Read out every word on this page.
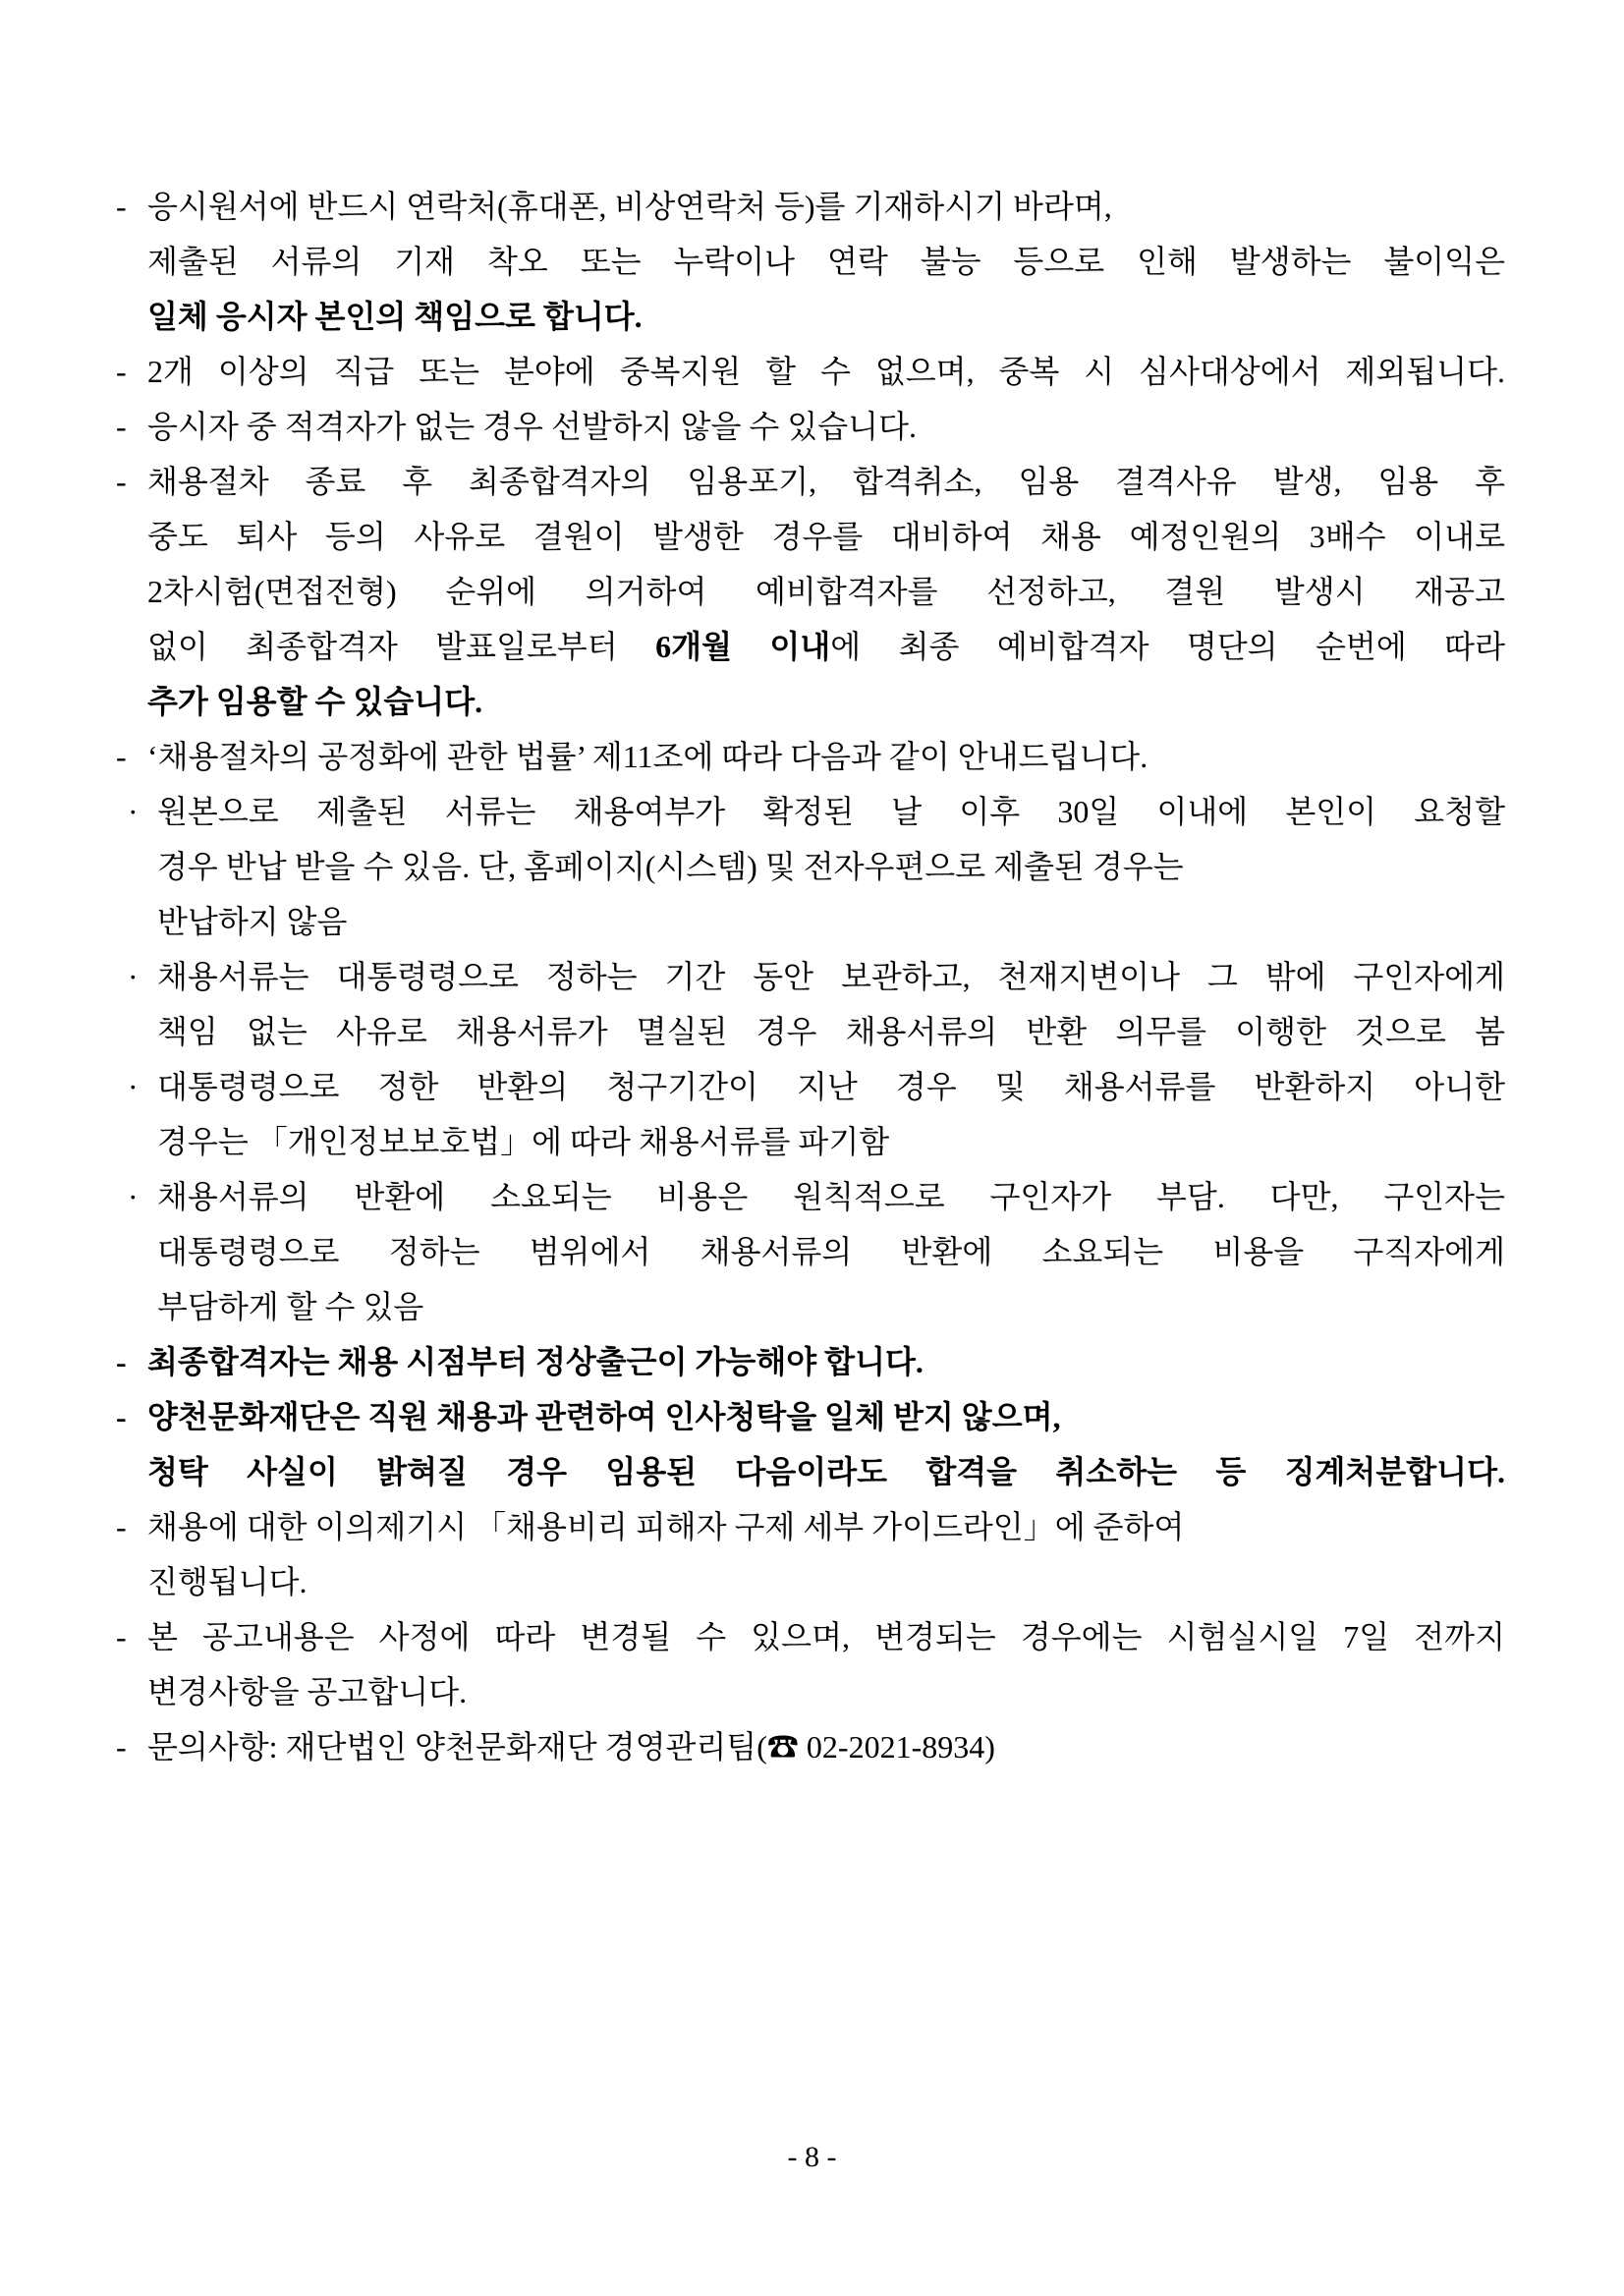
- 응시원서에 반드시 연락처(휴대폰, 비상연락처 등)를 기재하시기 바라며,
제출된 서류의 기재 착오 또는 누락이나 연락 불능 등으로 인해 발생하는 불이익은
일체 응시자 본인의 책임으로 합니다.
- 2개 이상의 직급 또는 분야에 중복지원 할 수 없으며, 중복 시 심사대상에서 제외됩니다.
- 응시자 중 적격자가 없는 경우 선발하지 않을 수 있습니다.
- 채용절차 종료 후 최종합격자의 임용포기, 합격취소, 임용 결격사유 발생, 임용 후
중도 퇴사 등의 사유로 결원이 발생한 경우를 대비하여 채용 예정인원의 3배수 이내로
2차시험(면접전형) 순위에 의거하여 예비합격자를 선정하고, 결원 발생시 재공고
없이 최종합격자 발표일로부터 6개월 이내에 최종 예비합격자 명단의 순번에 따라
추가 임용할 수 있습니다.
- ‘채용절차의 공정화에 관한 법률’ 제11조에 따라 다음과 같이 안내드립니다.
· 원본으로 제출된 서류는 채용여부가 확정된 날 이후 30일 이내에 본인이 요청할
경우 반납 받을 수 있음. 단, 홈페이지(시스템) 및 전자우편으로 제출된 경우는
반납하지 않음
· 채용서류는 대통령령으로 정하는 기간 동안 보관하고, 천재지변이나 그 밖에 구인자에게
책임 없는 사유로 채용서류가 멸실된 경우 채용서류의 반환 의무를 이행한 것으로 봄
· 대통령령으로 정한 반환의 청구기간이 지난 경우 및 채용서류를 반환하지 아니한
경우는 「개인정보보호법」에 따라 채용서류를 파기함
· 채용서류의 반환에 소요되는 비용은 원칙적으로 구인자가 부담. 다만, 구인자는
대통령령으로 정하는 범위에서 채용서류의 반환에 소요되는 비용을 구직자에게
부담하게 할 수 있음
- 최종합격자는 채용 시점부터 정상출근이 가능해야 합니다.
- 양천문화재단은 직원 채용과 관련하여 인사청탁을 일체 받지 않으며,
청탁 사실이 밝혀질 경우 임용된 다음이라도 합격을 취소하는 등 징계처분합니다.
- 채용에 대한 이의제기시 「채용비리 피해자 구제 세부 가이드라인」에 준하여
진행됩니다.
- 본 공고내용은 사정에 따라 변경될 수 있으며, 변경되는 경우에는 시험실시일 7일 전까지
변경사항을 공고합니다.
- 문의사항: 재단법인 양천문화재단 경영관리팀(☎ 02-2021-8934)
- 8 -
